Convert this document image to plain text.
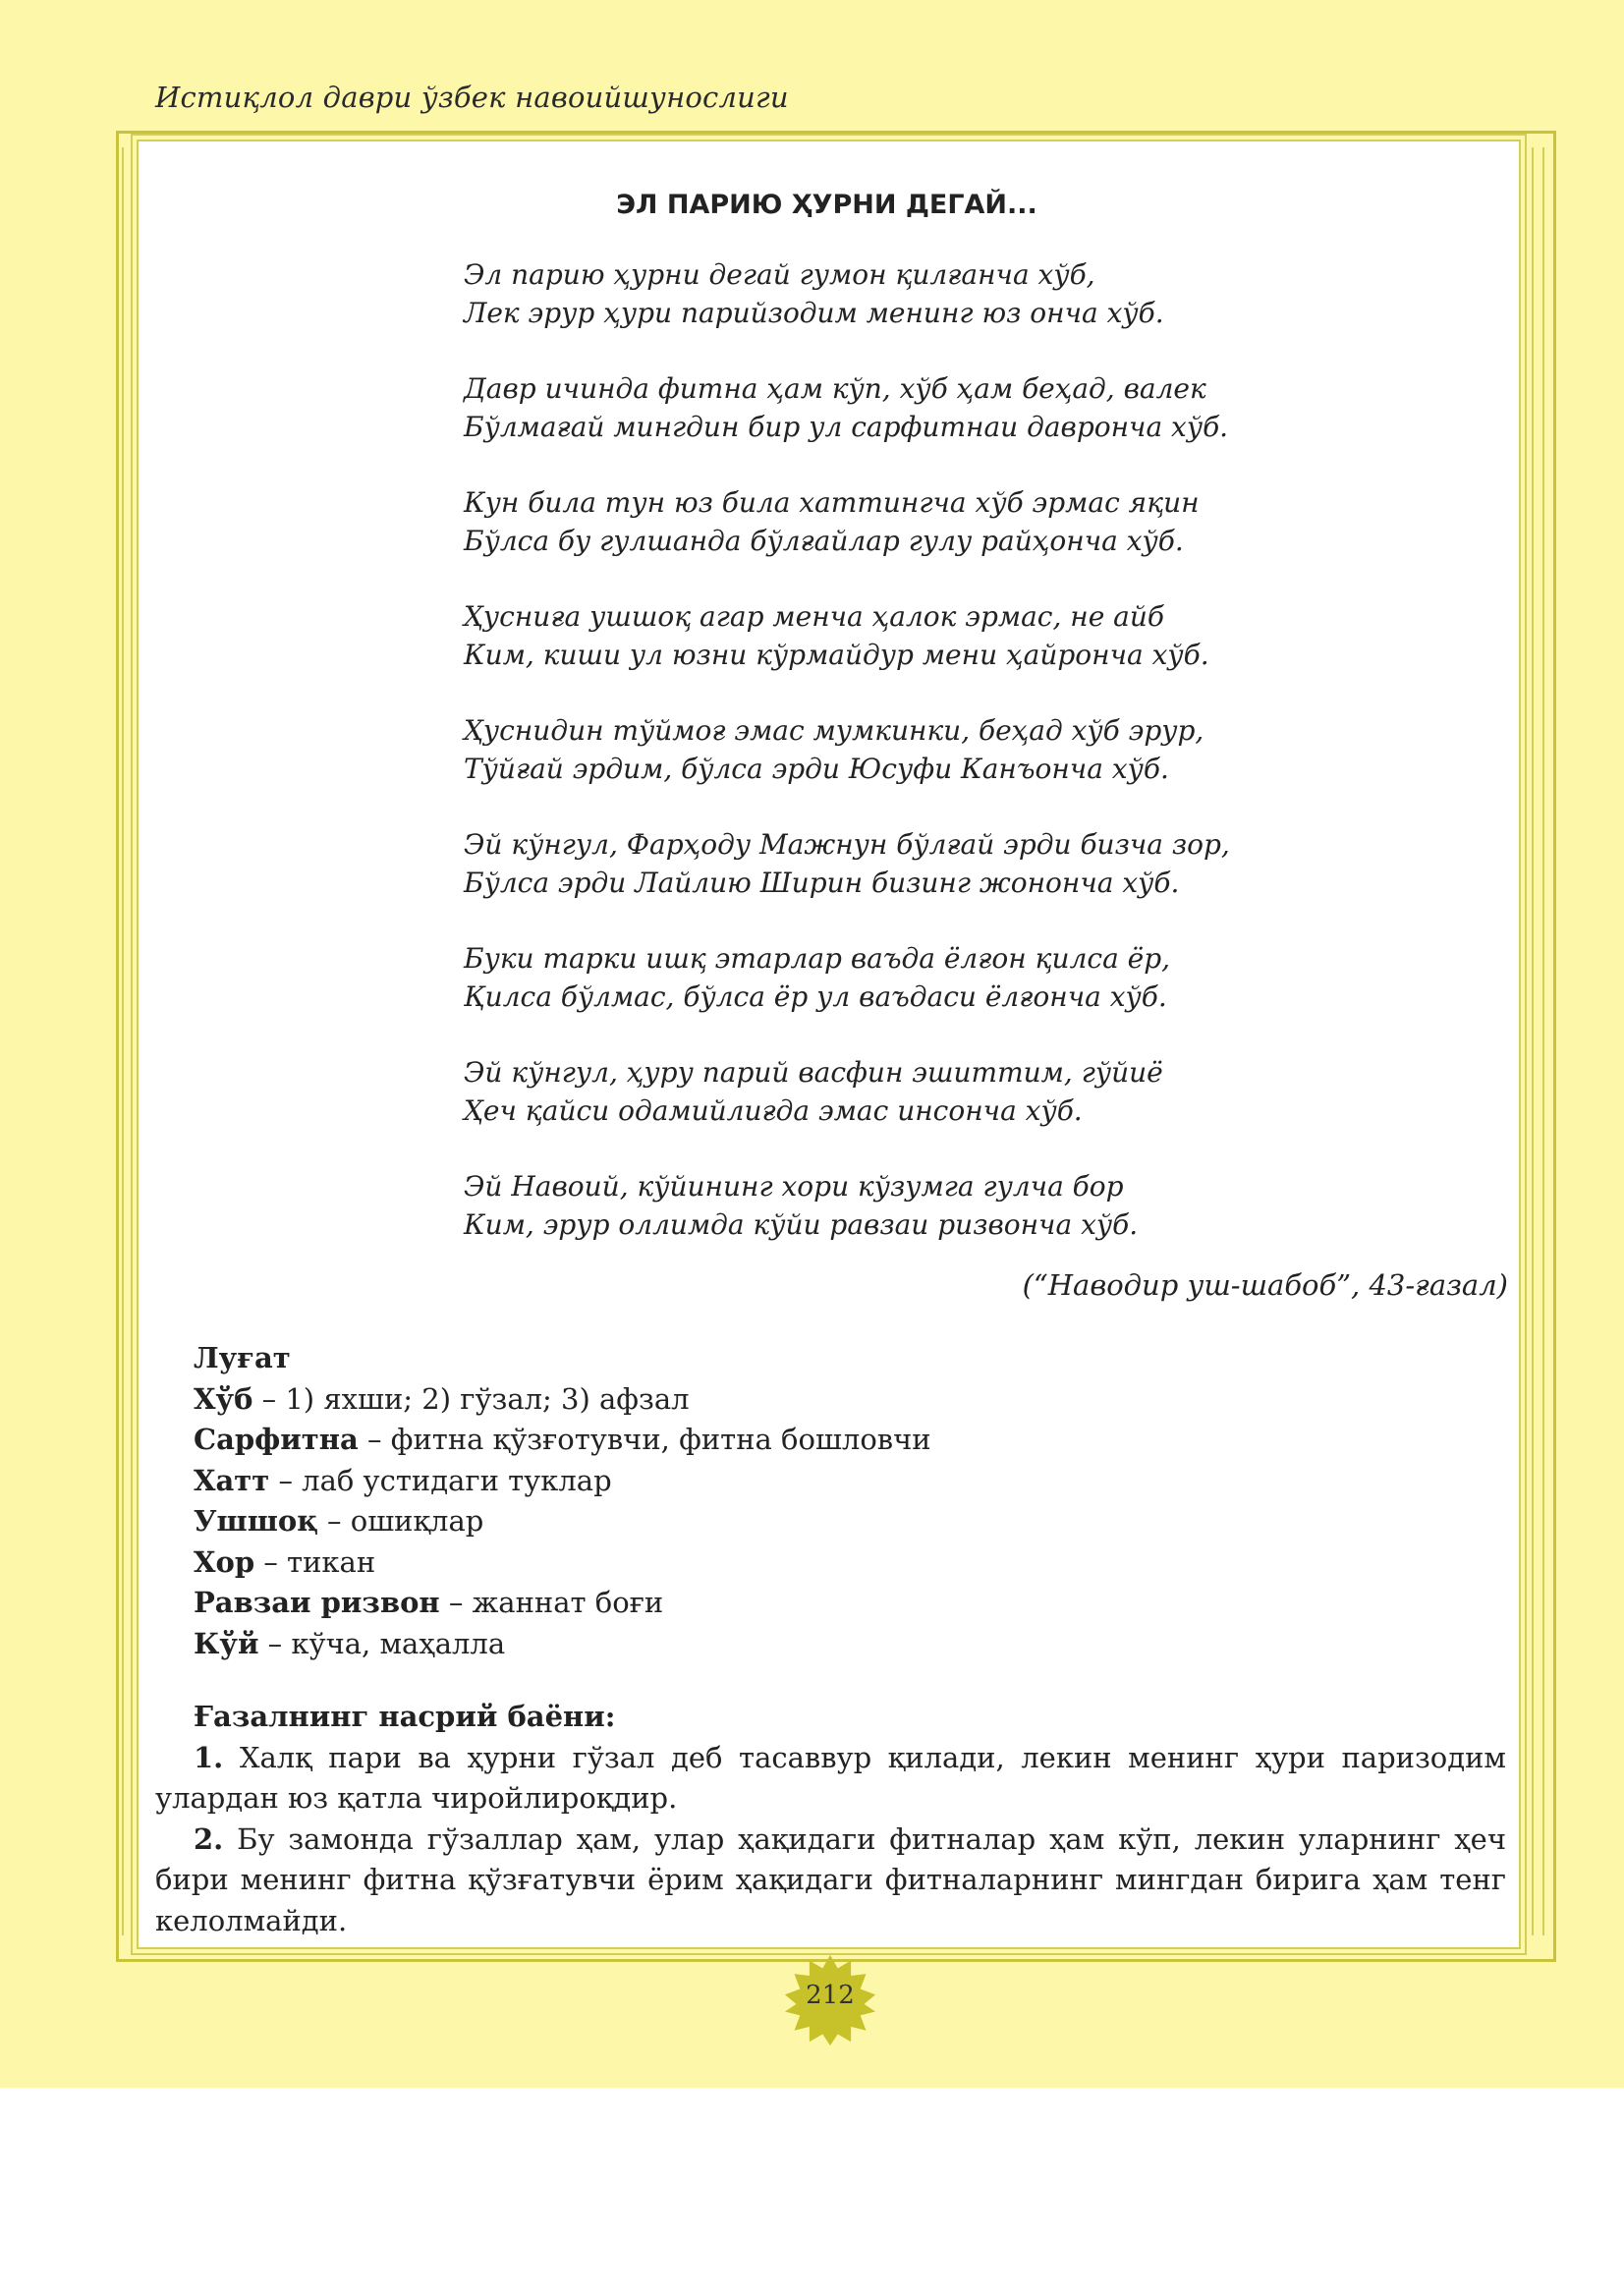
Истиқлол даври ўзбек навоийшунослиги
ЭЛ ПАРИЮ ҲУРНИ ДЕГАЙ...
Эл парию ҳурни дегай гумон қилғанча хўб,
Лек эрур ҳури парийзодим менинг юз онча хўб.
Давр ичинда фитна ҳам кўп, хўб ҳам беҳад, валек
Бўлмағай мингдин бир ул сарфитнаи давронча хўб.
Кун била тун юз била хаттингча хўб эрмас яқин
Бўлса бу гулшанда бўлғайлар гулу райҳонча хўб.
Ҳусниға ушшоқ агар менча ҳалок эрмас, не айб
Ким, киши ул юзни кўрмайдур мени ҳайронча хўб.
Ҳуснидин тўймоғ эмас мумкинки, беҳад хўб эрур,
Тўйғай эрдим, бўлса эрди Юсуфи Канъонча хўб.
Эй кўнгул, Фарҳоду Мажнун бўлғай эрди бизча зор,
Бўлса эрди Лайлию Ширин бизинг жононча хўб.
Буки тарки ишқ этарлар ваъда ёлғон қилса ёр,
Қилса бўлмас, бўлса ёр ул ваъдаси ёлғонча хўб.
Эй кўнгул, ҳуру парий васфин эшиттим, гўйиё
Ҳеч қайси одамийлиғда эмас инсонча хўб.
Эй Навоий, кўйининг хори кўзумга гулча бор
Ким, эрур оллимда кўйи равзаи ризвонча хўб.
(“Наводир уш-шабоб”, 43-ғазал)
Луғат
Хўб – 1) яхши; 2) гўзал; 3) афзал
Сарфитна – фитна қўзғотувчи, фитна бошловчи
Хатт – лаб устидаги туклар
Ушшоқ – ошиқлар
Хор – тикан
Равзаи ризвон – жаннат боғи
Кўй – кўча, маҳалла
Ғазалнинг насрий баёни:

1. Халқ пари ва ҳурни гўзал деб тасаввур қилади, лекин менинг ҳури паризодим улардан юз қатла чиройлироқдир.

2. Бу замонда гўзаллар ҳам, улар ҳақидаги фитналар ҳам кўп, лекин уларнинг ҳеч бири менинг фитна қўзғатувчи ёрим ҳақидаги фитналарнинг мингдан бирига ҳам тенг келолмайди.

212
